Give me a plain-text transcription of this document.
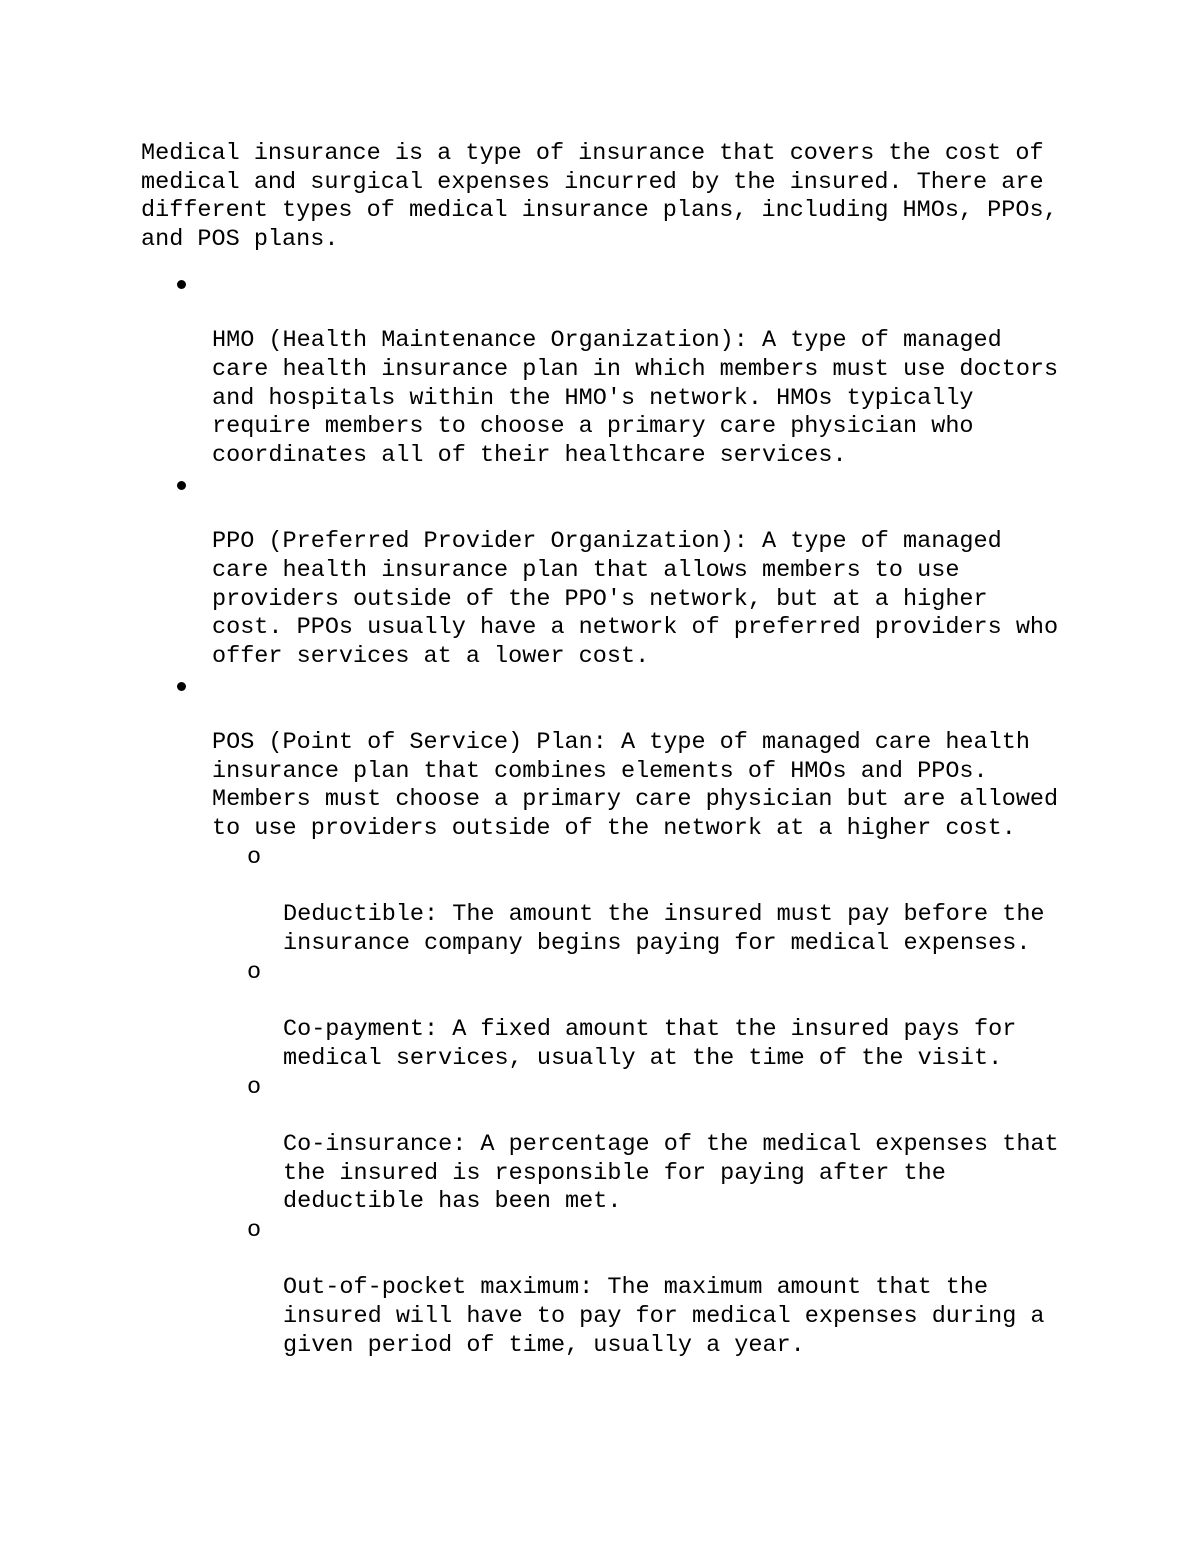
Medical insurance is a type of insurance that covers the cost of
medical and surgical expenses incurred by the insured. There are
different types of medical insurance plans, including HMOs, PPOs,
and POS plans.

HMO (Health Maintenance Organization): A type of managed
care health insurance plan in which members must use doctors
and hospitals within the HMO's network. HMOs typically
require members to choose a primary care physician who
coordinates all of their healthcare services.

PPO (Preferred Provider Organization): A type of managed
care health insurance plan that allows members to use
providers outside of the PPO's network, but at a higher
cost. PPOs usually have a network of preferred providers who
offer services at a lower cost.

POS (Point of Service) Plan: A type of managed care health
insurance plan that combines elements of HMOs and PPOs.
Members must choose a primary care physician but are allowed
to use providers outside of the network at a higher cost.

o

Deductible: The amount the insured must pay before the
insurance company begins paying for medical expenses.

o

Co-payment: A fixed amount that the insured pays for
medical services, usually at the time of the visit.

o

Co-insurance: A percentage of the medical expenses that
the insured is responsible for paying after the
deductible has been met.

o

Out-of-pocket maximum: The maximum amount that the
insured will have to pay for medical expenses during a
given period of time, usually a year.
